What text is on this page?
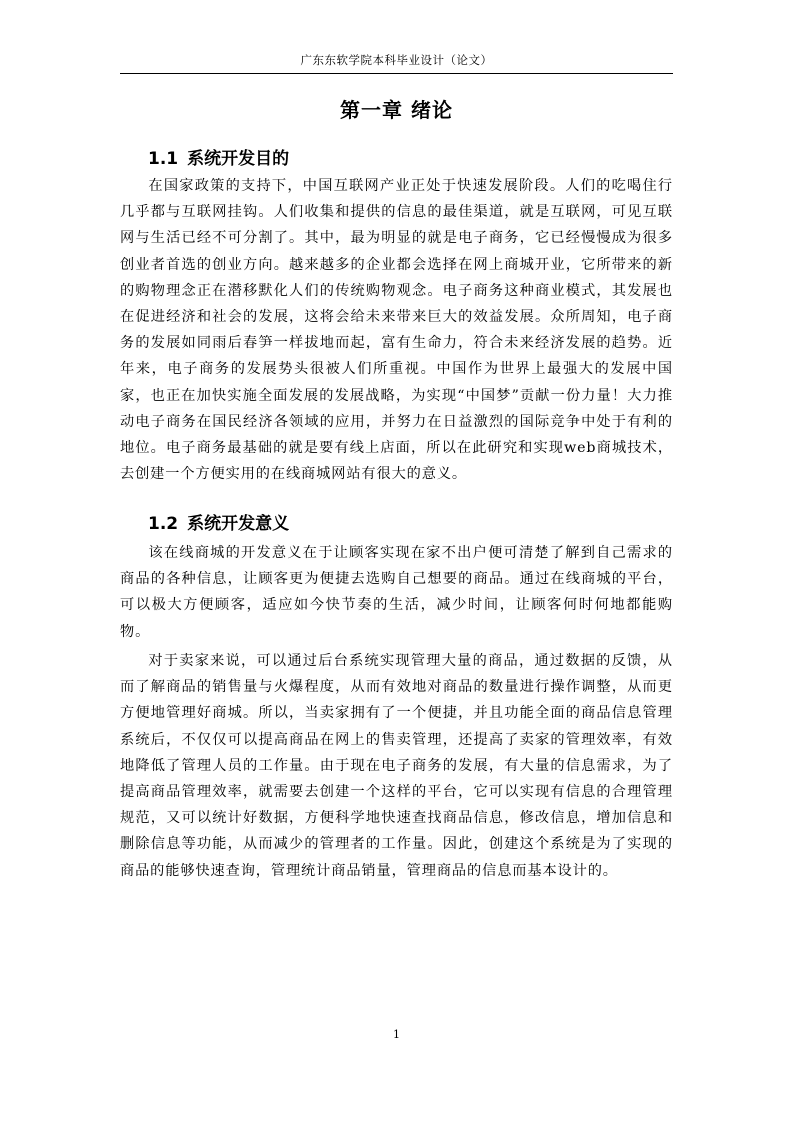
广东东软学院本科毕业设计（论文）
第一章 绪论
1.1 系统开发目的

在国家政策的支持下，中国互联网产业正处于快速发展阶段。人们的吃喝住行几乎都与互联网挂钩。人们收集和提供的信息的最佳渠道，就是互联网，可见互联网与生活已经不可分割了。其中，最为明显的就是电子商务，它已经慢慢成为很多创业者首选的创业方向。越来越多的企业都会选择在网上商城开业，它所带来的新的购物理念正在潜移默化人们的传统购物观念。电子商务这种商业模式，其发展也在促进经济和社会的发展，这将会给未来带来巨大的效益发展。众所周知，电子商务的发展如同雨后春笋一样拔地而起，富有生命力，符合未来经济发展的趋势。近年来，电子商务的发展势头很被人们所重视。中国作为世界上最强大的发展中国家，也正在加快实施全面发展的发展战略，为实现“中国梦”贡献一份力量！大力推动电子商务在国民经济各领域的应用，并努力在日益激烈的国际竞争中处于有利的地位。电子商务最基础的就是要有线上店面，所以在此研究和实现web商城技术，去创建一个方便实用的在线商城网站有很大的意义。

1.2 系统开发意义

该在线商城的开发意义在于让顾客实现在家不出户便可清楚了解到自己需求的商品的各种信息，让顾客更为便捷去选购自己想要的商品。通过在线商城的平台，可以极大方便顾客，适应如今快节奏的生活，减少时间，让顾客何时何地都能购物。

对于卖家来说，可以通过后台系统实现管理大量的商品，通过数据的反馈，从而了解商品的销售量与火爆程度，从而有效地对商品的数量进行操作调整，从而更方便地管理好商城。所以，当卖家拥有了一个便捷，并且功能全面的商品信息管理系统后，不仅仅可以提高商品在网上的售卖管理，还提高了卖家的管理效率，有效地降低了管理人员的工作量。由于现在电子商务的发展，有大量的信息需求，为了提高商品管理效率，就需要去创建一个这样的平台，它可以实现有信息的合理管理规范，又可以统计好数据，方便科学地快速查找商品信息，修改信息，增加信息和删除信息等功能，从而减少的管理者的工作量。因此，创建这个系统是为了实现的商品的能够快速查询，管理统计商品销量，管理商品的信息而基本设计的。

1
